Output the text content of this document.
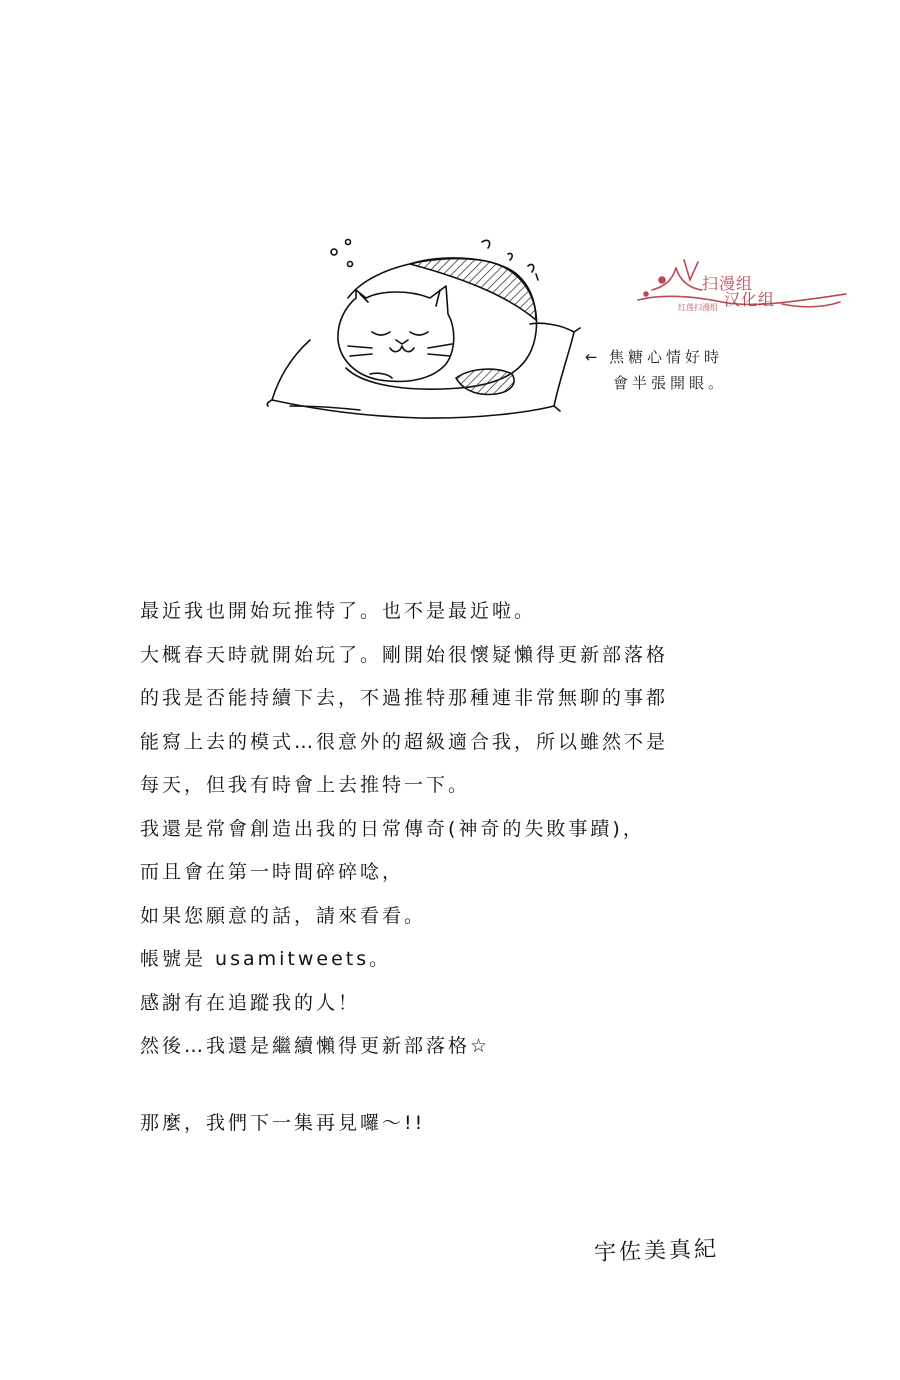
← 焦糖心情好時
會半張開眼。
扫漫组
汉化组
红莲扫漫组

最近我也開始玩推特了。也不是最近啦。

大概春天時就開始玩了。剛開始很懷疑懶得更新部落格

的我是否能持續下去，不過推特那種連非常無聊的事都

能寫上去的模式…很意外的超級適合我，所以雖然不是

每天，但我有時會上去推特一下。

我還是常會創造出我的日常傳奇(神奇的失敗事蹟)，

而且會在第一時間碎碎唸，

如果您願意的話，請來看看。

帳號是 usamitweets。

感謝有在追蹤我的人！

然後…我還是繼續懶得更新部落格☆

那麼，我們下一集再見囉～!!

宇佐美真紀
